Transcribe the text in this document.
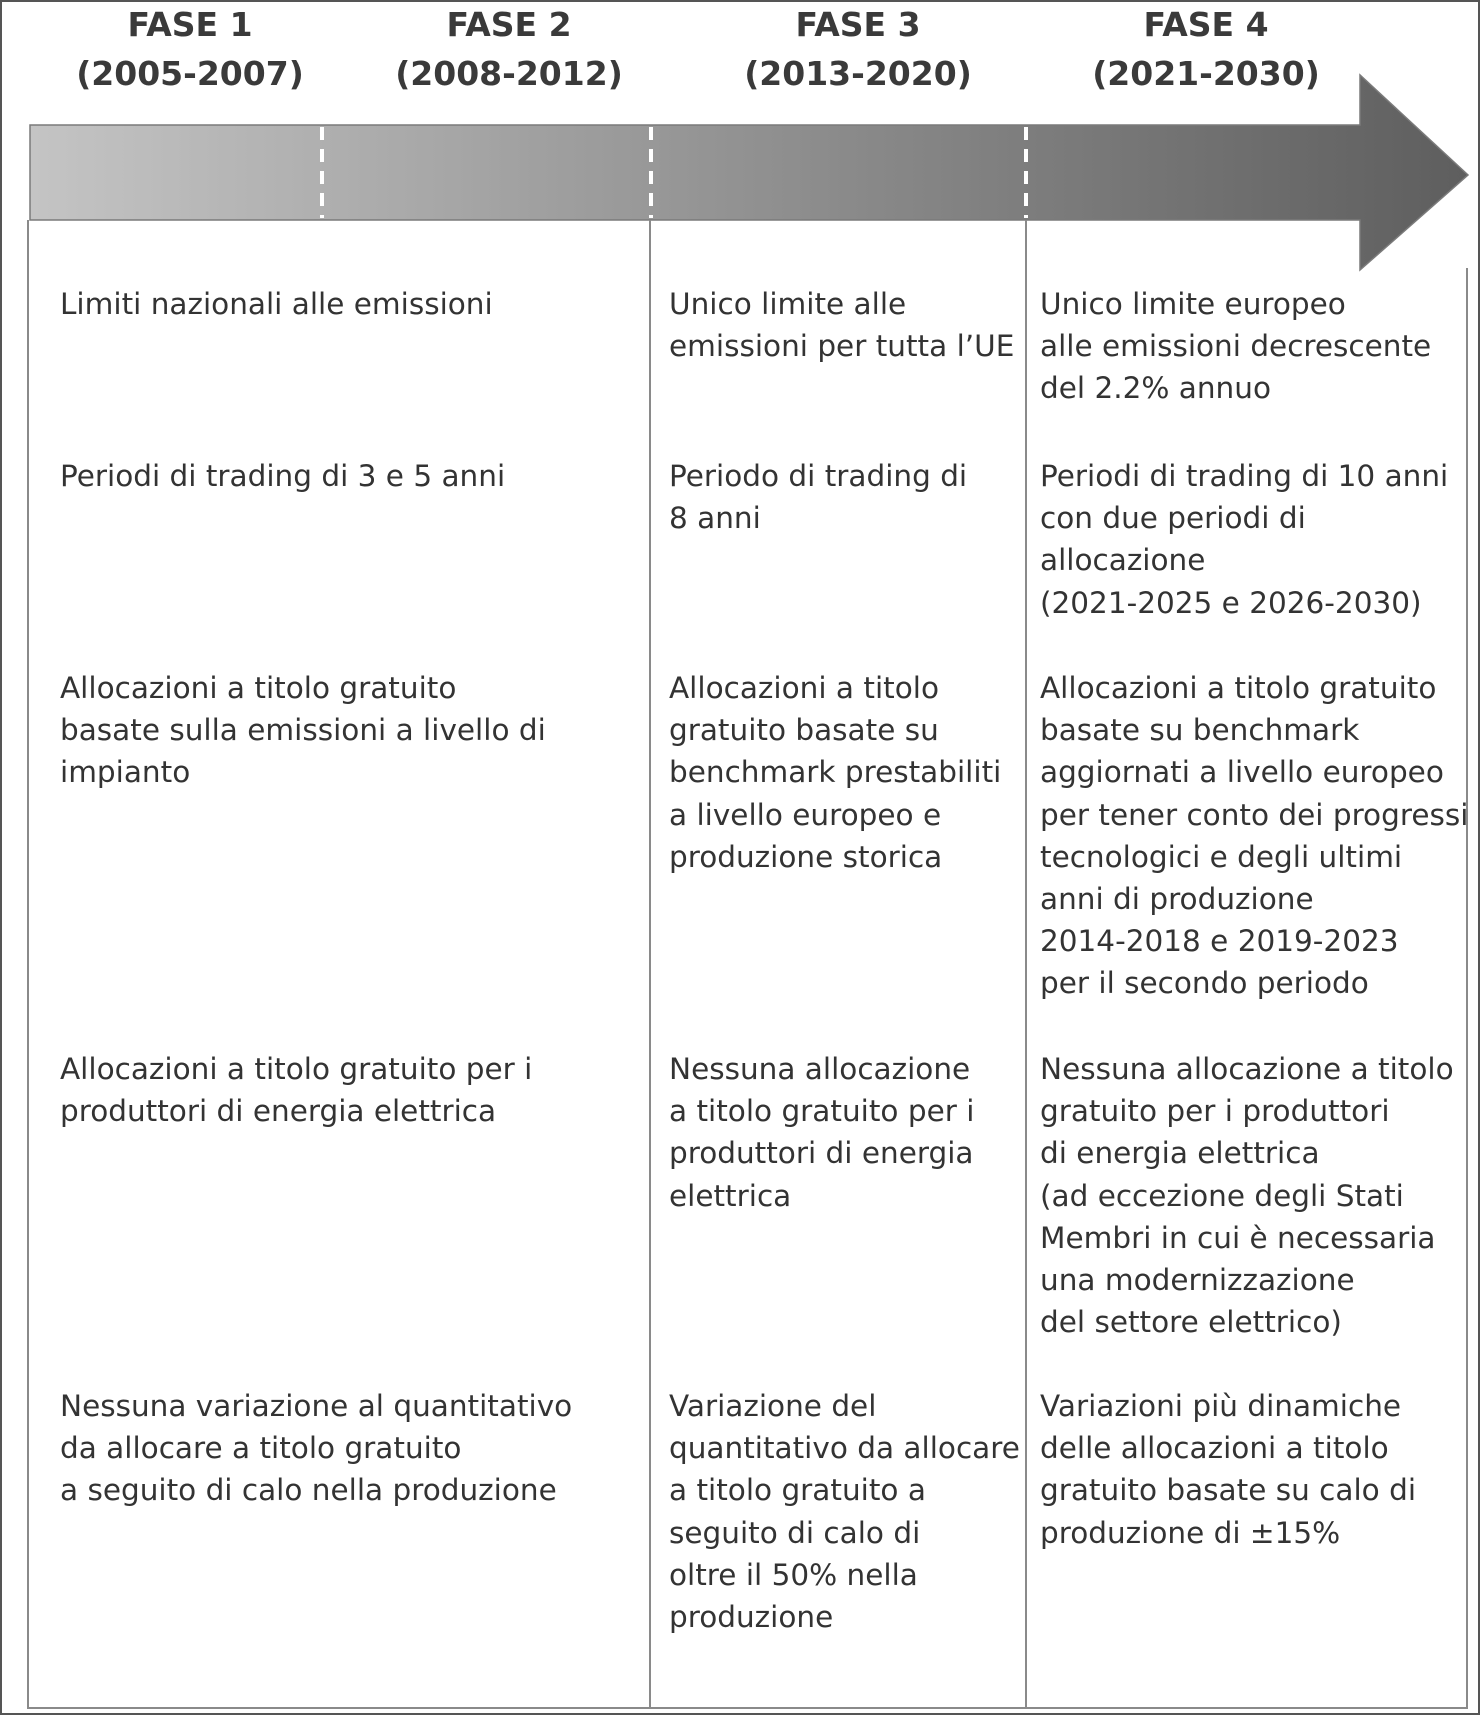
FASE 1
(2005-2007)
FASE 2
(2008-2012)
FASE 3
(2013-2020)
FASE 4
(2021-2030)

Limiti nazionali alle emissioni	Unico limite alle
emissioni per tutta l’UE

Unico limite europeo
alle emissioni decrescente
del 2.2% annuo

Periodi di trading di 3 e 5 anni	Periodo di trading di
8 anni

Periodi di trading di 10 anni
con due periodi di
allocazione
(2021-2025 e 2026-2030)

Allocazioni a titolo gratuito
basate sulla emissioni a livello di
impianto

Allocazioni a titolo
gratuito basate su
benchmark prestabiliti
a livello europeo e
produzione storica

Allocazioni a titolo gratuito
basate su benchmark
aggiornati a livello europeo
per tener conto dei progressi
tecnologici e degli ultimi
anni di produzione
2014-2018 e 2019-2023
per il secondo periodo

Allocazioni a titolo gratuito per i
produttori di energia elettrica

Nessuna allocazione
a titolo gratuito per i
produttori di energia
elettrica

Nessuna allocazione a titolo
gratuito per i produttori
di energia elettrica
(ad eccezione degli Stati
Membri in cui è necessaria
una modernizzazione
del settore elettrico)

Nessuna variazione al quantitativo
da allocare a titolo gratuito
a seguito di calo nella produzione

Variazione del
quantitativo da allocare
a titolo gratuito a
seguito di calo di
oltre il 50% nella
produzione

Variazioni più dinamiche
delle allocazioni a titolo
gratuito basate su calo di
produzione di ±15%
